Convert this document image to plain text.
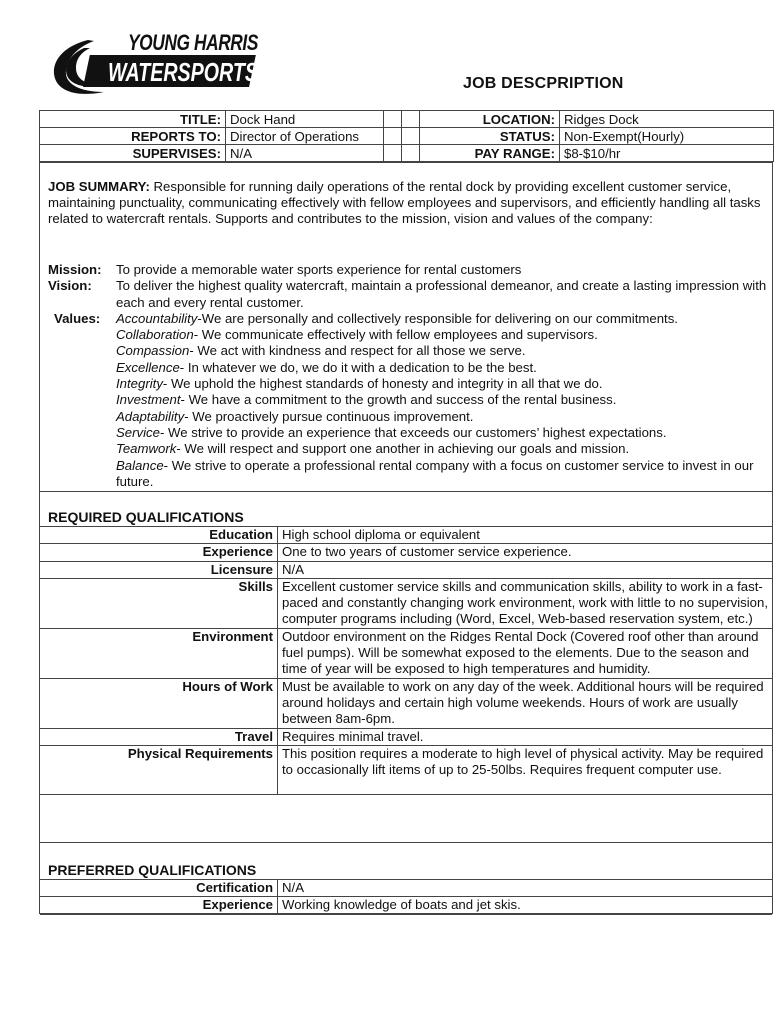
YOUNG HARRIS
WATERSPORTS	JOB DESCPRIPTION
TITLE:	Dock Hand			LOCATION:	Ridges Dock
REPORTS TO:	Director of Operations			STATUS:	Non-Exempt(Hourly)
SUPERVISES:	N/A			PAY RANGE:	$8-$10/hr
JOB SUMMARY: Responsible for running daily operations of the rental dock by providing excellent customer service, maintaining punctuality, communicating effectively with fellow employees and supervisors, and efficiently handling all tasks related to watercraft rentals. Supports and contributes to the mission, vision and values of the company:
Mission:	To provide a memorable water sports experience for rental customers
Vision:	To deliver the highest quality watercraft, maintain a professional demeanor, and create a lasting impression with each and every rental customer.
Values:	Accountability-We are personally and collectively responsible for delivering on our commitments.
Collaboration- We communicate effectively with fellow employees and supervisors.
Compassion- We act with kindness and respect for all those we serve.
Excellence- In whatever we do, we do it with a dedication to be the best.
Integrity- We uphold the highest standards of honesty and integrity in all that we do.
Investment- We have a commitment to the growth and success of the rental business.
Adaptability- We proactively pursue continuous improvement.
Service- We strive to provide an experience that exceeds our customers’ highest expectations.
Teamwork- We will respect and support one another in achieving our goals and mission.
Balance- We strive to operate a professional rental company with a focus on customer service to invest in our future.
REQUIRED QUALIFICATIONS
Education	High school diploma or equivalent
Experience	One to two years of customer service experience.
Licensure	N/A
Skills	Excellent customer service skills and communication skills, ability to work in a fast-paced and constantly changing work environment, work with little to no supervision, computer programs including (Word, Excel, Web-based reservation system, etc.)
Environment	Outdoor environment on the Ridges Rental Dock (Covered roof other than around fuel pumps). Will be somewhat exposed to the elements. Due to the season and time of year will be exposed to high temperatures and humidity.
Hours of Work	Must be available to work on any day of the week. Additional hours will be required around holidays and certain high volume weekends. Hours of work are usually between 8am-6pm.
Travel	Requires minimal travel.
Physical Requirements	This position requires a moderate to high level of physical activity. May be required to occasionally lift items of up to 25-50lbs. Requires frequent computer use.
PREFERRED QUALIFICATIONS
Certification	N/A
Experience	Working knowledge of boats and jet skis.
